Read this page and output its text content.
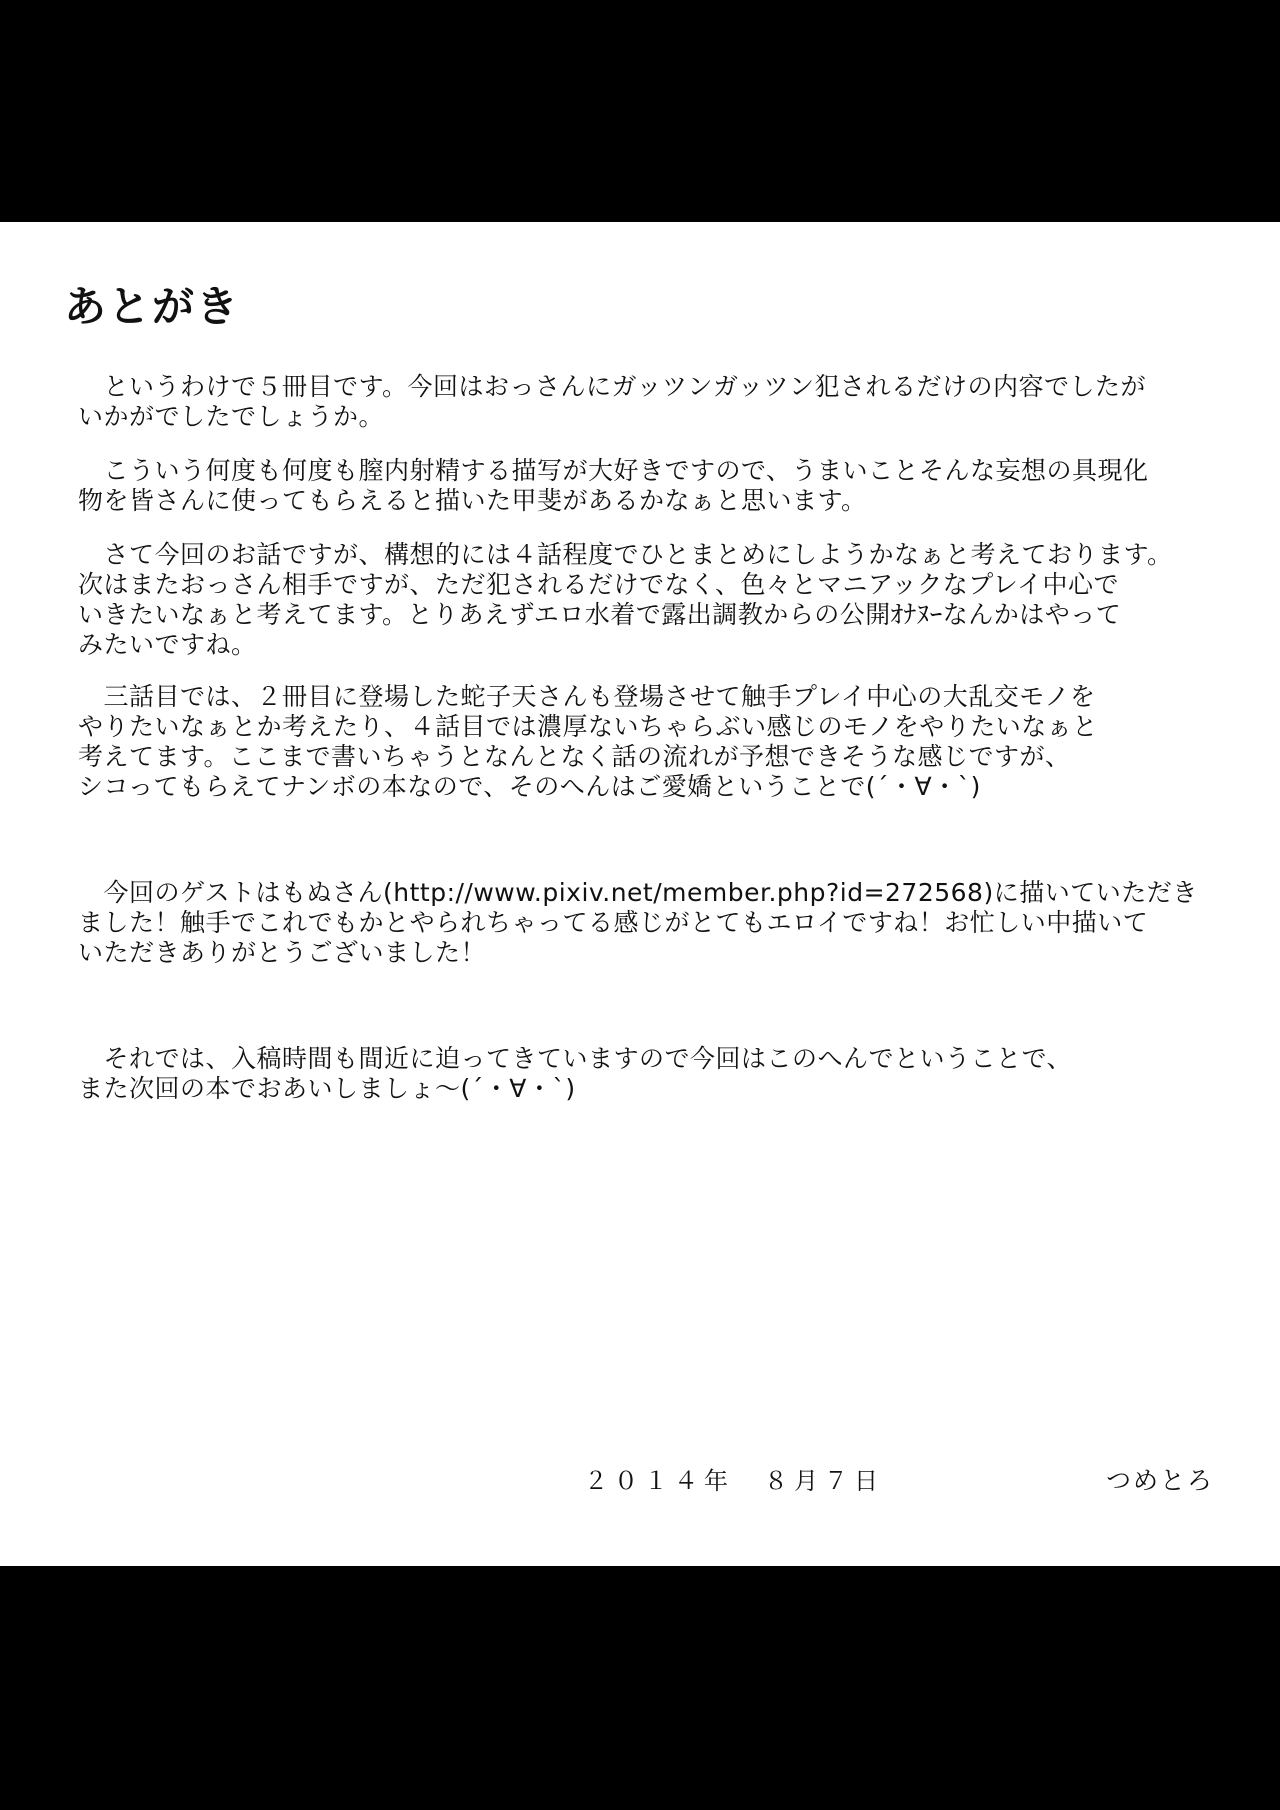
あとがき

　というわけで５冊目です。今回はおっさんにガッツンガッツン犯されるだけの内容でしたが
いかがでしたでしょうか。

　こういう何度も何度も膣内射精する描写が大好きですので、うまいことそんな妄想の具現化
物を皆さんに使ってもらえると描いた甲斐があるかなぁと思います。

　さて今回のお話ですが、構想的には４話程度でひとまとめにしようかなぁと考えております。
次はまたおっさん相手ですが、ただ犯されるだけでなく、色々とマニアックなプレイ中心で
いきたいなぁと考えてます。とりあえずエロ水着で露出調教からの公開ｵﾅﾇｰなんかはやって
みたいですね。

　三話目では、２冊目に登場した蛇子天さんも登場させて触手プレイ中心の大乱交モノを
やりたいなぁとか考えたり、４話目では濃厚ないちゃらぶい感じのモノをやりたいなぁと
考えてます。ここまで書いちゃうとなんとなく話の流れが予想できそうな感じですが、
シコってもらえてナンボの本なので、そのへんはご愛嬌ということで(´・∀・`)

　今回のゲストはもぬさん(http://www.pixiv.net/member.php?id=272568)に描いていただき
ました！触手でこれでもかとやられちゃってる感じがとてもエロイですね！お忙しい中描いて
いただきありがとうございました！

　それでは、入稿時間も間近に迫ってきていますので今回はこのへんでということで、
また次回の本でおあいしましょ～(´・∀・`)

２０１４年　８月７日	つめとろ
